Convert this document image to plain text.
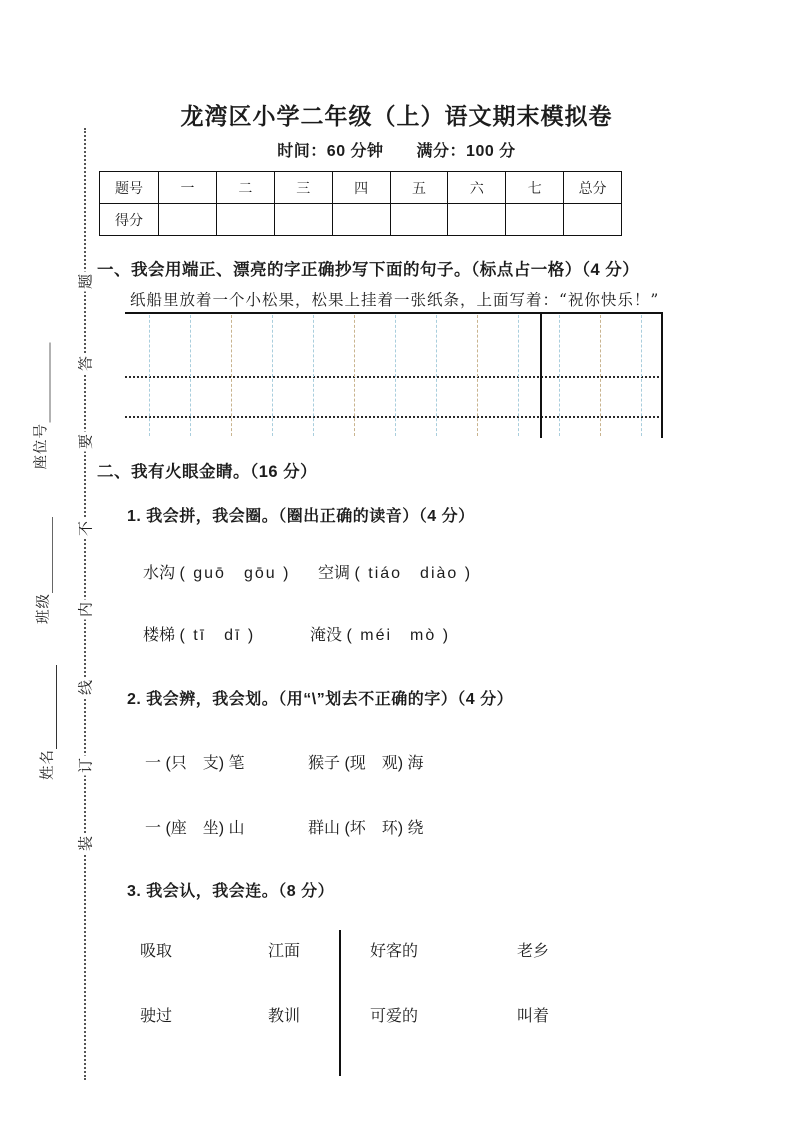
题
答
要
不
内
线
订
装
座位号
班级
姓名
龙湾区小学二年级（上）语文期末模拟卷
时间：60 分钟　　满分：100 分
题号	一	二	三	四	五	六	七	总分
得分								
一、我会用端正、漂亮的字正确抄写下面的句子。（标点占一格）（4 分）
纸船里放着一个小松果，松果上挂着一张纸条，上面写着：“祝你快乐！”
二、我有火眼金睛。（16 分）
1. 我会拼，我会圈。（圈出正确的读音）（4 分）
水沟 ( guō　gōu ) 空调 ( tiáo　diào )
楼梯 ( tī　dī )	淹没 ( méi　mò )
2. 我会辨，我会划。（用“\”划去不正确的字）（4 分）
一 (只　支) 笔	猴子 (现　观) 海
一 (座　坐) 山	群山 (坏　环) 绕
3. 我会认，我会连。（8 分）
吸取	江面	好客的	老乡
驶过	教训	可爱的	叫着
